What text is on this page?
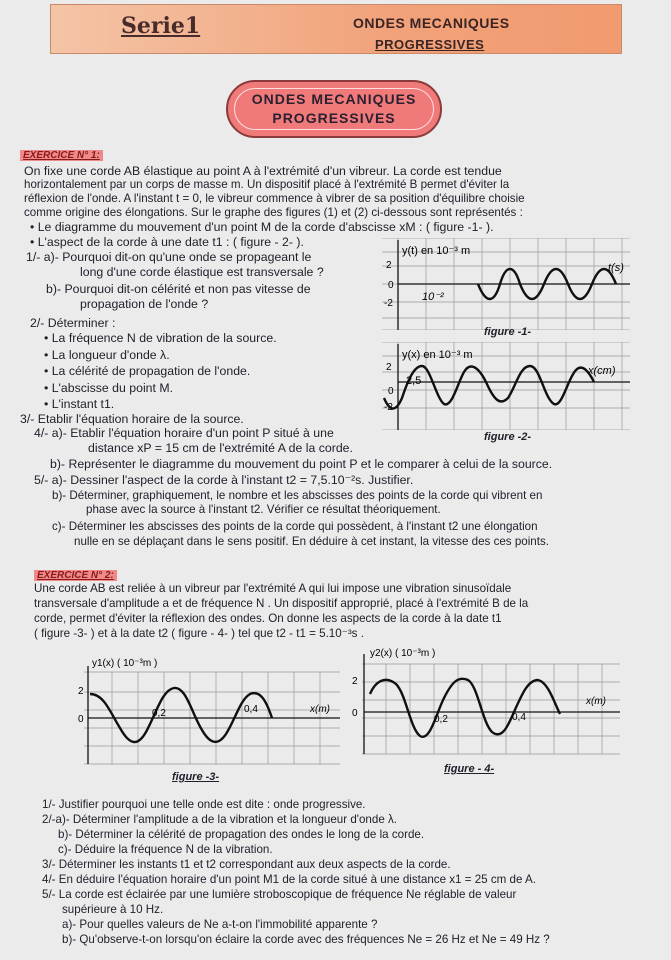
Serie1	ONDES MECANIQUES
PROGRESSIVES
ONDES MECANIQUES
PROGRESSIVES
EXERCICE N° 1:
On fixe une corde AB élastique au point A à l'extrémité d'un vibreur. La corde est tendue
horizontalement par un corps de masse m. Un dispositif placé à l'extrémité B permet d'éviter la
réflexion de l'onde. A l'instant t = 0, le vibreur commence à vibrer de sa position d'équilibre choisie
comme origine des élongations. Sur le graphe des figures (1) et (2) ci-dessous sont représentés :
• Le diagramme du mouvement d'un point M de la corde d'abscisse xM : ( figure -1- ).
• L'aspect de la corde à une date t1 : ( figure - 2- ).
1/- a)- Pourquoi dit-on qu'une onde se propageant le
long d'une corde élastique est transversale ?
b)- Pourquoi dit-on célérité et non pas vitesse de
propagation de l'onde ?
2/- Déterminer :
• La fréquence N de vibration de la source.
• La longueur d'onde λ.
• La célérité de propagation de l'onde.
• L'abscisse du point M.
• L'instant t1.
3/- Etablir l'équation horaire de la source.
4/- a)- Etablir l'équation horaire d'un point P situé à une
distance xP = 15 cm de l'extrémité A de la corde.
b)- Représenter le diagramme du mouvement du point P et le comparer à celui de la source.
5/- a)- Dessiner l'aspect de la corde à l'instant t2 = 7,5.10⁻²s. Justifier.
b)- Déterminer, graphiquement, le nombre et les abscisses des points de la corde qui vibrent en
phase avec la source à l'instant t2. Vérifier ce résultat théoriquement.
c)- Déterminer les abscisses des points de la corde qui possèdent, à l'instant t2 une élongation
nulle en se déplaçant dans le sens positif. En déduire à cet instant, la vitesse des ces points.
y(t) en 10⁻³ m
t(s)
2
0
-2
10⁻²
figure -1-
y(x) en 10⁻³ m
x(cm)
2
0
-2
2,5
figure -2-
EXERCICE N° 2:
Une corde AB est reliée à un vibreur par l'extrémité A qui lui impose une vibration sinusoïdale
transversale d'amplitude a et de fréquence N . Un dispositif approprié, placé à l'extrémité B de la
corde, permet d'éviter la réflexion des ondes. On donne les aspects de la corde à la date t1
( figure -3- ) et à la date t2 ( figure - 4- ) tel que t2 - t1 = 5.10⁻³s .
y1(x) ( 10⁻³m )
x(m)
2
0
0,2	0,4
figure -3-
y2(x) ( 10⁻³m )
x(m)
2
0
0,2	0,4
figure - 4-
1/- Justifier pourquoi une telle onde est dite : onde progressive.
2/-a)- Déterminer l'amplitude a de la vibration et la longueur d'onde λ.
b)- Déterminer la célérité de propagation des ondes le long de la corde.
c)- Déduire la fréquence N de la vibration.
3/- Déterminer les instants t1 et t2 correspondant aux deux aspects de la corde.
4/- En déduire l'équation horaire d'un point M1 de la corde situé à une distance x1 = 25 cm de A.
5/- La corde est éclairée par une lumière stroboscopique de fréquence Ne réglable de valeur
supérieure à 10 Hz.
a)- Pour quelles valeurs de Ne a-t-on l'immobilité apparente ?
b)- Qu'observe-t-on lorsqu'on éclaire la corde avec des fréquences Ne = 26 Hz et Ne = 49 Hz ?
